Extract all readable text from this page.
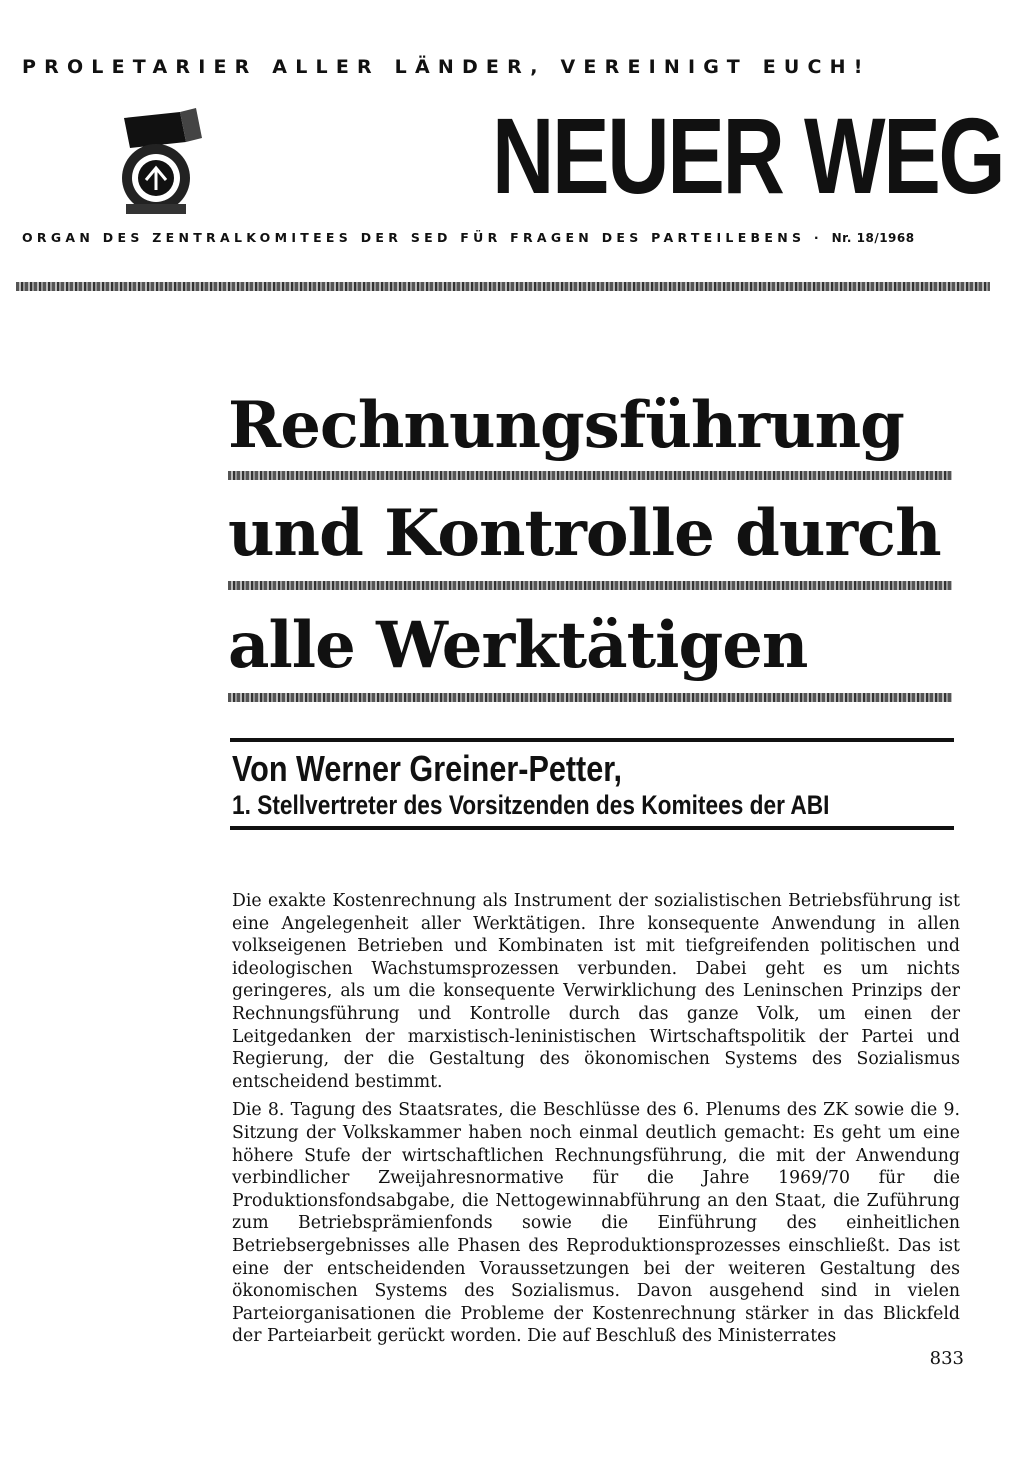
PROLETARIER ALLER LÄNDER, VEREINIGT EUCH!
NEUER WEG
ORGAN DES ZENTRALKOMITEES DER SED FÜR FRAGEN DES PARTEILEBENS · Nr. 18/1968
Rechnungsführung
und Kontrolle durch
alle Werktätigen
Von Werner Greiner-Petter,
1. Stellvertreter des Vorsitzenden des Komitees der ABI

Die exakte Kostenrechnung als Instrument der sozialistischen Betriebsführung ist eine Angelegenheit aller Werktätigen. Ihre konsequente Anwendung in allen volkseigenen Betrieben und Kombinaten ist mit tiefgreifenden politischen und ideologischen Wachstumsprozessen verbunden. Dabei geht es um nichts geringeres, als um die konsequente Verwirklichung des Leninschen Prinzips der Rechnungsführung und Kontrolle durch das ganze Volk, um einen der Leitgedanken der marxistisch-leninistischen Wirtschaftspolitik der Partei und Regierung, der die Gestaltung des ökonomischen Systems des Sozialismus entscheidend bestimmt.

Die 8. Tagung des Staatsrates, die Beschlüsse des 6. Plenums des ZK sowie die 9. Sitzung der Volkskammer haben noch einmal deutlich gemacht: Es geht um eine höhere Stufe der wirtschaftlichen Rechnungsführung, die mit der Anwendung verbindlicher Zweijahresnormative für die Jahre 1969/70 für die Produktionsfondsabgabe, die Nettogewinnabführung an den Staat, die Zuführung zum Betriebsprämienfonds sowie die Einführung des einheitlichen Betriebsergebnisses alle Phasen des Reproduktionsprozesses einschließt. Das ist eine der entscheidenden Voraussetzungen bei der weiteren Gestaltung des ökonomischen Systems des Sozialismus. Davon ausgehend sind in vielen Parteiorganisationen die Probleme der Kostenrechnung stärker in das Blickfeld der Parteiarbeit gerückt worden. Die auf Beschluß des Ministerrates

833
